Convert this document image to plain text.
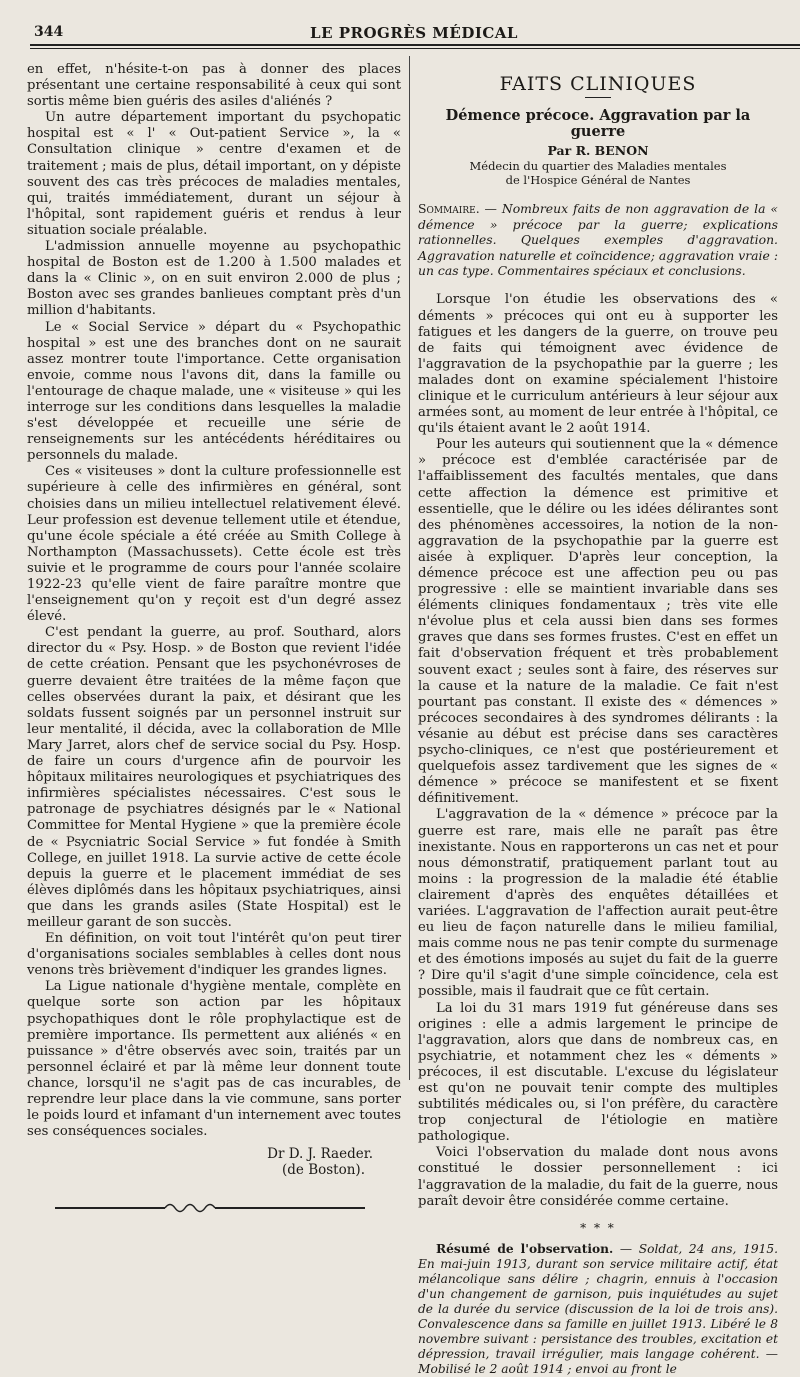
344	LE PROGRÈS MÉDICAL

en effet, n'hésite-t-on pas à donner des places présentant une certaine responsabilité à ceux qui sont sortis même bien guéris des asiles d'aliénés ?

Un autre département important du psychopatic hospital est « l' « Out-patient Service », la « Consultation clinique » centre d'examen et de traitement ; mais de plus, détail important, on y dépiste souvent des cas très précoces de maladies mentales, qui, traités immédiatement, durant un séjour à l'hôpital, sont rapidement guéris et rendus à leur situation sociale préalable.

L'admission annuelle moyenne au psychopathic hospital de Boston est de 1.200 à 1.500 malades et dans la « Clinic », on en suit environ 2.000 de plus ; Boston avec ses grandes banlieues comptant près d'un million d'habitants.

Le « Social Service » départ du « Psychopathic hospital » est une des branches dont on ne saurait assez montrer toute l'importance. Cette organisation envoie, comme nous l'avons dit, dans la famille ou l'entourage de chaque malade, une « visiteuse » qui les interroge sur les conditions dans lesquelles la maladie s'est développée et recueille une série de renseignements sur les antécédents héréditaires ou personnels du malade.

Ces « visiteuses » dont la culture professionnelle est supérieure à celle des infirmières en général, sont choisies dans un milieu intellectuel relativement élevé. Leur profession est devenue tellement utile et étendue, qu'une école spéciale a été créée au Smith College à Northampton (Massachussets). Cette école est très suivie et le programme de cours pour l'année scolaire 1922-23 qu'elle vient de faire paraître montre que l'enseignement qu'on y reçoit est d'un degré assez élevé.

C'est pendant la guerre, au prof. Southard, alors director du « Psy. Hosp. » de Boston que revient l'idée de cette création. Pensant que les psychonévroses de guerre devaient être traitées de la même façon que celles observées durant la paix, et désirant que les soldats fussent soignés par un personnel instruit sur leur mentalité, il décida, avec la collaboration de Mlle Mary Jarret, alors chef de service social du Psy. Hosp. de faire un cours d'urgence afin de pourvoir les hôpitaux militaires neurologiques et psychiatriques des infirmières spécialistes nécessaires. C'est sous le patronage de psychiatres désignés par le « National Committee for Mental Hygiene » que la première école de « Psycniatric Social Service » fut fondée à Smith College, en juillet 1918. La survie active de cette école depuis la guerre et le placement immédiat de ses élèves diplômés dans les hôpitaux psychiatriques, ainsi que dans les grands asiles (State Hospital) est le meilleur garant de son succès.

En définition, on voit tout l'intérêt qu'on peut tirer d'organisations sociales semblables à celles dont nous venons très brièvement d'indiquer les grandes lignes.

La Ligue nationale d'hygiène mentale, complète en quelque sorte son action par les hôpitaux psychopathiques dont le rôle prophylactique est de première importance. Ils permettent aux aliénés « en puissance » d'être observés avec soin, traités par un personnel éclairé et par là même leur donnent toute chance, lorsqu'il ne s'agit pas de cas incurables, de reprendre leur place dans la vie commune, sans porter le poids lourd et infamant d'un internement avec toutes ses conséquences sociales.

Dr D. J. Raeder.
(de Boston).
FAITS CLINIQUES
Démence précoce. Aggravation par la guerre
Par R. BENON
Médecin du quartier des Maladies mentales
de l'Hospice Général de Nantes

Sommaire. — Nombreux faits de non aggravation de la « démence » précoce par la guerre; explications rationnelles. Quelques exemples d'aggravation. Aggravation naturelle et coïncidence; aggravation vraie : un cas type. Commentaires spéciaux et conclusions.

Lorsque l'on étudie les observations des « déments » précoces qui ont eu à supporter les fatigues et les dangers de la guerre, on trouve peu de faits qui témoignent avec évidence de l'aggravation de la psychopathie par la guerre ; les malades dont on examine spécialement l'histoire clinique et le curriculum antérieurs à leur séjour aux armées sont, au moment de leur entrée à l'hôpital, ce qu'ils étaient avant le 2 août 1914.

Pour les auteurs qui soutiennent que la « démence » précoce est d'emblée caractérisée par de l'affaiblissement des facultés mentales, que dans cette affection la démence est primitive et essentielle, que le délire ou les idées délirantes sont des phénomènes accessoires, la notion de la non-aggravation de la psychopathie par la guerre est aisée à expliquer. D'après leur conception, la démence précoce est une affection peu ou pas progressive : elle se maintient invariable dans ses éléments cliniques fondamentaux ; très vite elle n'évolue plus et cela aussi bien dans ses formes graves que dans ses formes frustes. C'est en effet un fait d'observation fréquent et très probablement souvent exact ; seules sont à faire, des réserves sur la cause et la nature de la maladie. Ce fait n'est pourtant pas constant. Il existe des « démences » précoces secondaires à des syndromes délirants : la vésanie au début est précise dans ses caractères psycho-cliniques, ce n'est que postérieurement et quelquefois assez tardivement que les signes de « démence » précoce se manifestent et se fixent définitivement.

L'aggravation de la « démence » précoce par la guerre est rare, mais elle ne paraît pas être inexistante. Nous en rapporterons un cas net et pour nous démonstratif, pratiquement parlant tout au moins : la progression de la maladie été établie clairement d'après des enquêtes détaillées et variées. L'aggravation de l'affection aurait peut-être eu lieu de façon naturelle dans le milieu familial, mais comme nous ne pas tenir compte du surmenage et des émotions imposés au sujet du fait de la guerre ? Dire qu'il s'agit d'une simple coïncidence, cela est possible, mais il faudrait que ce fût certain.

La loi du 31 mars 1919 fut généreuse dans ses origines : elle a admis largement le principe de l'aggravation, alors que dans de nombreux cas, en psychiatrie, et notamment chez les « déments » précoces, il est discutable. L'excuse du législateur est qu'on ne pouvait tenir compte des multiples subtilités médicales ou, si l'on préfère, du caractère trop conjectural de l'étiologie en matière pathologique.

Voici l'observation du malade dont nous avons constitué le dossier personnellement : ici l'aggravation de la maladie, du fait de la guerre, nous paraît devoir être considérée comme certaine.

* * *

Résumé de l'observation. — Soldat, 24 ans, 1915. En mai-juin 1913, durant son service militaire actif, état mélancolique sans délire ; chagrin, ennuis à l'occasion d'un changement de garnison, puis inquiétudes au sujet de la durée du service (discussion de la loi de trois ans). Convalescence dans sa famille en juillet 1913. Libéré le 8 novembre suivant : persistance des troubles, excitation et dépression, travail irrégulier, mais langage cohérent. — Mobilisé le 2 août 1914 ; envoi au front le
